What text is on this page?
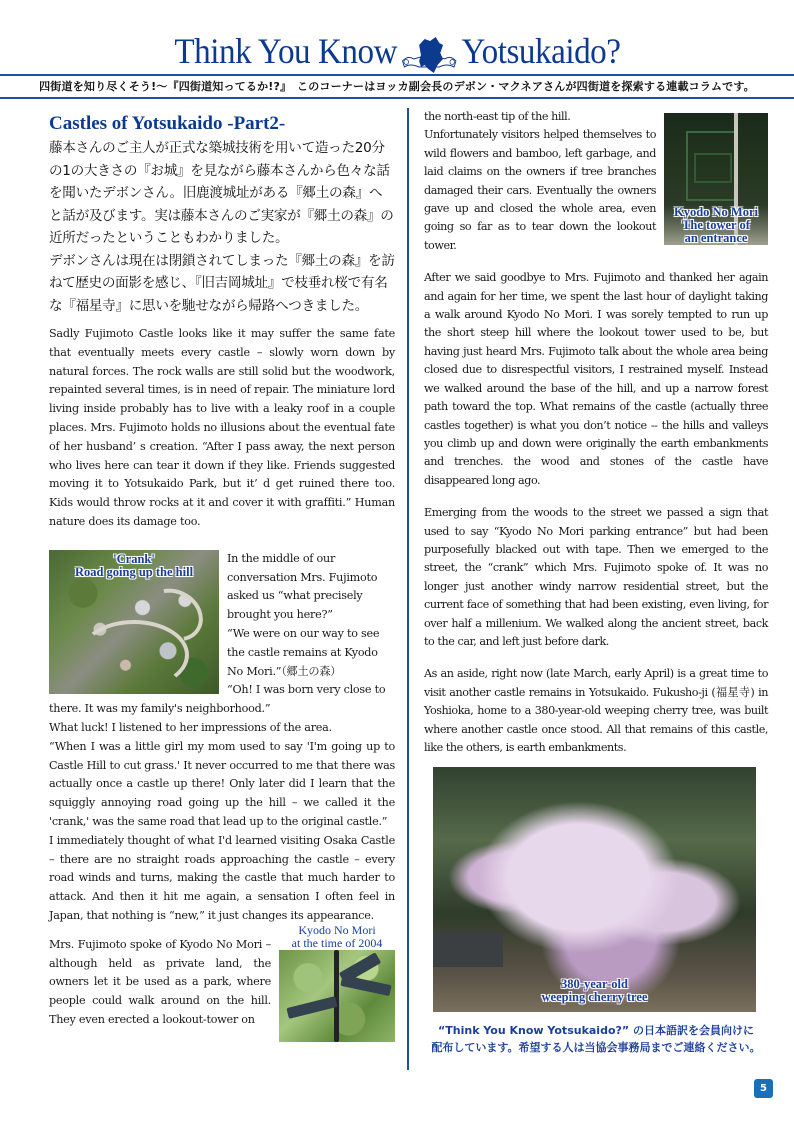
Think You Know Yotsukaido?
四街道を知り尽くそう!～『四街道知ってるか!?』　このコーナーはヨッカ副会長のデボン・マクネアさんが四街道を探索する連載コラムです。
Castles of Yotsukaido -Part2-
藤本さんのご主人が正式な築城技術を用いて造った20分の1の大きさの『お城』を見ながら藤本さんから色々な話を聞いたデボンさん。旧鹿渡城址がある『郷土の森』へと話が及びます。実は藤本さんのご実家が『郷土の森』の近所だったということもわかりました。
デボンさんは現在は閉鎖されてしまった『郷土の森』を訪ねて歴史の面影を感じ、『旧吉岡城址』で枝垂れ桜で有名な『福星寺』に思いを馳せながら帰路へつきました。

Sadly Fujimoto Castle looks like it may suffer the same fate that eventually meets every castle – slowly worn down by natural forces. The rock walls are still solid but the woodwork, repainted several times, is in need of repair. The miniature lord living inside probably has to live with a leaky roof in a couple places. Mrs. Fujimoto holds no illusions about the eventual fate of her husband’ s creation. “After I pass away, the next person who lives here can tear it down if they like. Friends suggested moving it to Yotsukaido Park, but it’ d get ruined there too. Kids would throw rocks at it and cover it with graffiti.” Human nature does its damage too.

'Crank'
Road going up the hill

In the middle of our conversation Mrs. Fujimoto asked us “what precisely brought you here?”

“We were on our way to see the castle remains at Kyodo No Mori.”（郷土の森）

“Oh! I was born very close to there. It was my family's neighborhood.”

What luck! I listened to her impressions of the area.

“When I was a little girl my mom used to say 'I'm going up to Castle Hill to cut grass.' It never occurred to me that there was actually once a castle up there! Only later did I learn that the squiggly annoying road going up the hill – we called it the 'crank,' was the same road that lead up to the original castle.”

I immediately thought of what I'd learned visiting Osaka Castle – there are no straight roads approaching the castle – every road winds and turns, making the castle that much harder to attack. And then it hit me again, a sensation I often feel in Japan, that nothing is “new,” it just changes its appearance.

Kyodo No Mori
at the time of 2004

Mrs. Fujimoto spoke of Kyodo No Mori – although held as private land, the owners let it be used as a park, where people could walk around on the hill. They even erected a lookout-tower on

Kyodo No Mori
The tower of
an entrance

the north-east tip of the hill.

Unfortunately visitors helped themselves to wild flowers and bamboo, left garbage, and laid claims on the owners if tree branches damaged their cars. Eventually the owners gave up and closed the whole area, even going so far as to tear down the lookout tower.

After we said goodbye to Mrs. Fujimoto and thanked her again and again for her time, we spent the last hour of daylight taking a walk around Kyodo No Mori. I was sorely tempted to run up the short steep hill where the lookout tower used to be, but having just heard Mrs. Fujimoto talk about the whole area being closed due to disrespectful visitors, I restrained myself. Instead we walked around the base of the hill, and up a narrow forest path toward the top. What remains of the castle (actually three castles together) is what you don’t notice -- the hills and valleys you climb up and down were originally the earth embankments and trenches. the wood and stones of the castle have disappeared long ago.

Emerging from the woods to the street we passed a sign that used to say “Kyodo No Mori parking entrance” but had been purposefully blacked out with tape. Then we emerged to the street, the “crank” which Mrs. Fujimoto spoke of. It was no longer just another windy narrow residential street, but the current face of something that had been existing, even living, for over half a millenium. We walked along the ancient street, back to the car, and left just before dark.

As an aside, right now (late March, early April) is a great time to visit another castle remains in Yotsukaido. Fukusho-ji (福星寺) in Yoshioka, home to a 380-year-old weeping cherry tree, was built where another castle once stood. All that remains of this castle, like the others, is earth embankments.

380-year-old
weeping cherry tree
“Think You Know Yotsukaido?” の日本語訳を会員向けに
配布しています。希望する人は当協会事務局までご連絡ください。
5
